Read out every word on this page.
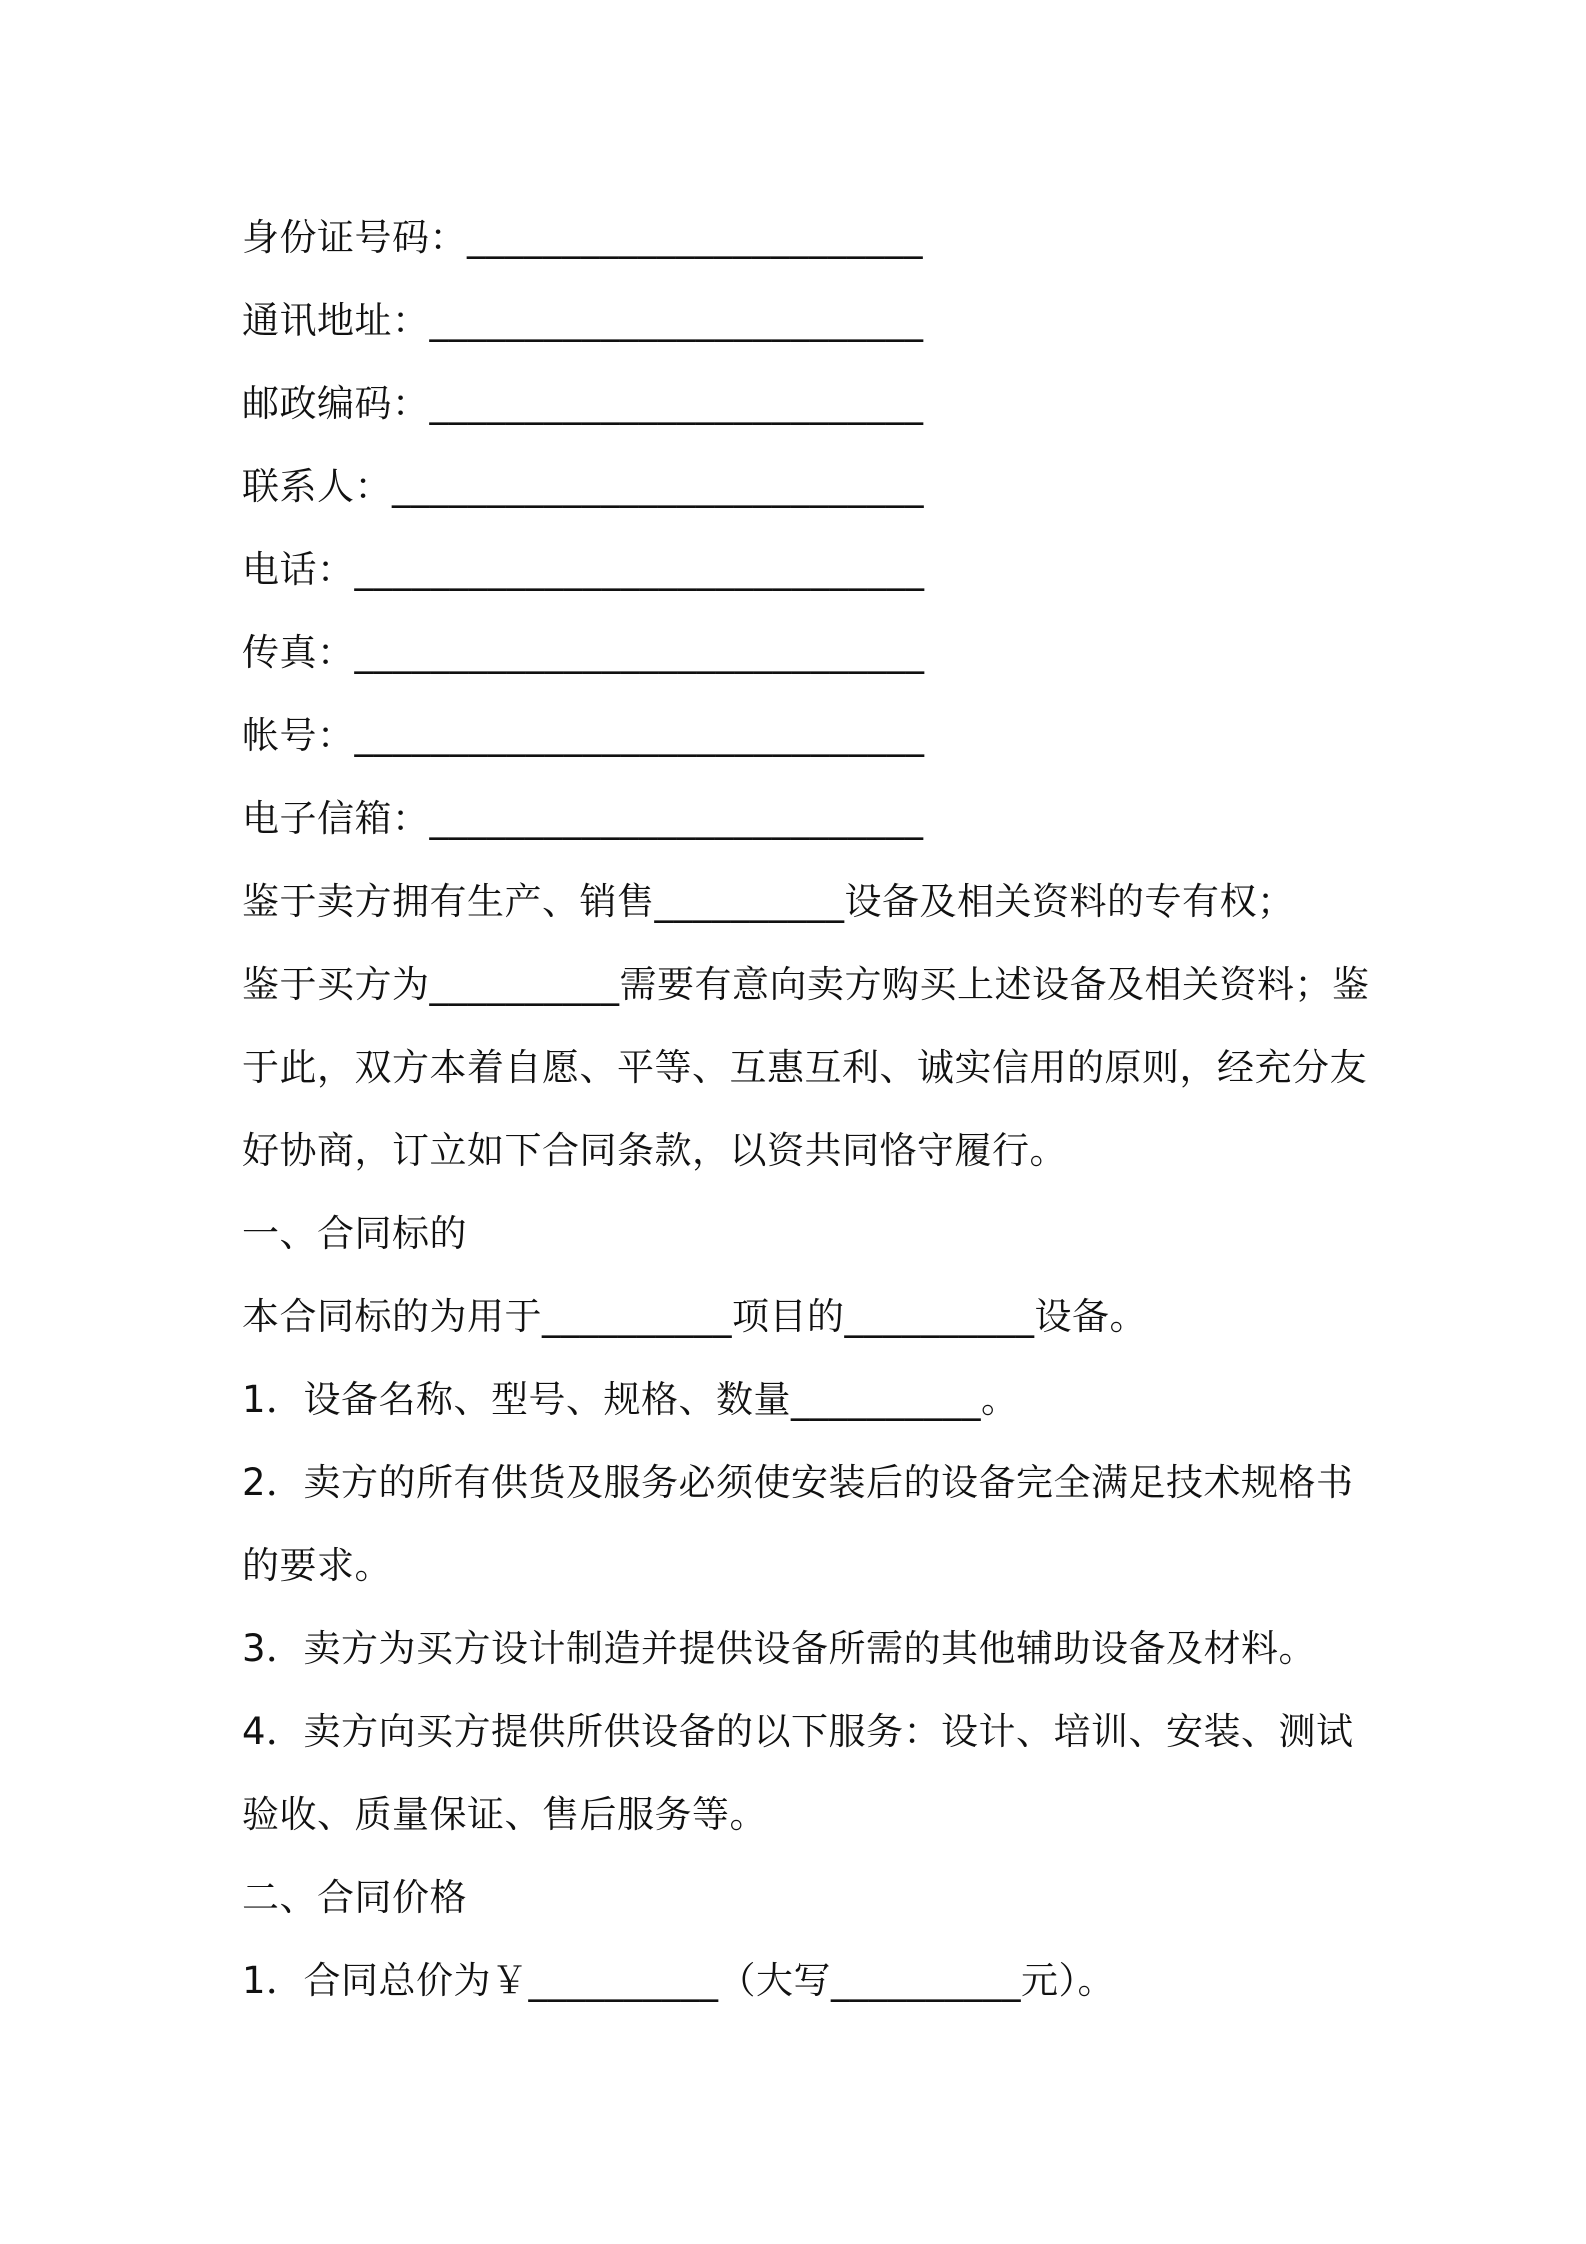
身份证号码：________________________
通讯地址：__________________________
邮政编码：__________________________
联系人：____________________________
电话：______________________________
传真：______________________________
帐号：______________________________
电子信箱：__________________________
鉴于卖方拥有生产、销售__________设备及相关资料的专有权；
鉴于买方为__________需要有意向卖方购买上述设备及相关资料；鉴
于此，双方本着自愿、平等、互惠互利、诚实信用的原则，经充分友
好协商，订立如下合同条款，以资共同恪守履行。
一、合同标的
本合同标的为用于__________项目的__________设备。
1．设备名称、型号、规格、数量__________。
2．卖方的所有供货及服务必须使安装后的设备完全满足技术规格书
的要求。
3．卖方为买方设计制造并提供设备所需的其他辅助设备及材料。
4．卖方向买方提供所供设备的以下服务：设计、培训、安装、测试
验收、质量保证、售后服务等。
二、合同价格
1．合同总价为￥__________（大写__________元）。
